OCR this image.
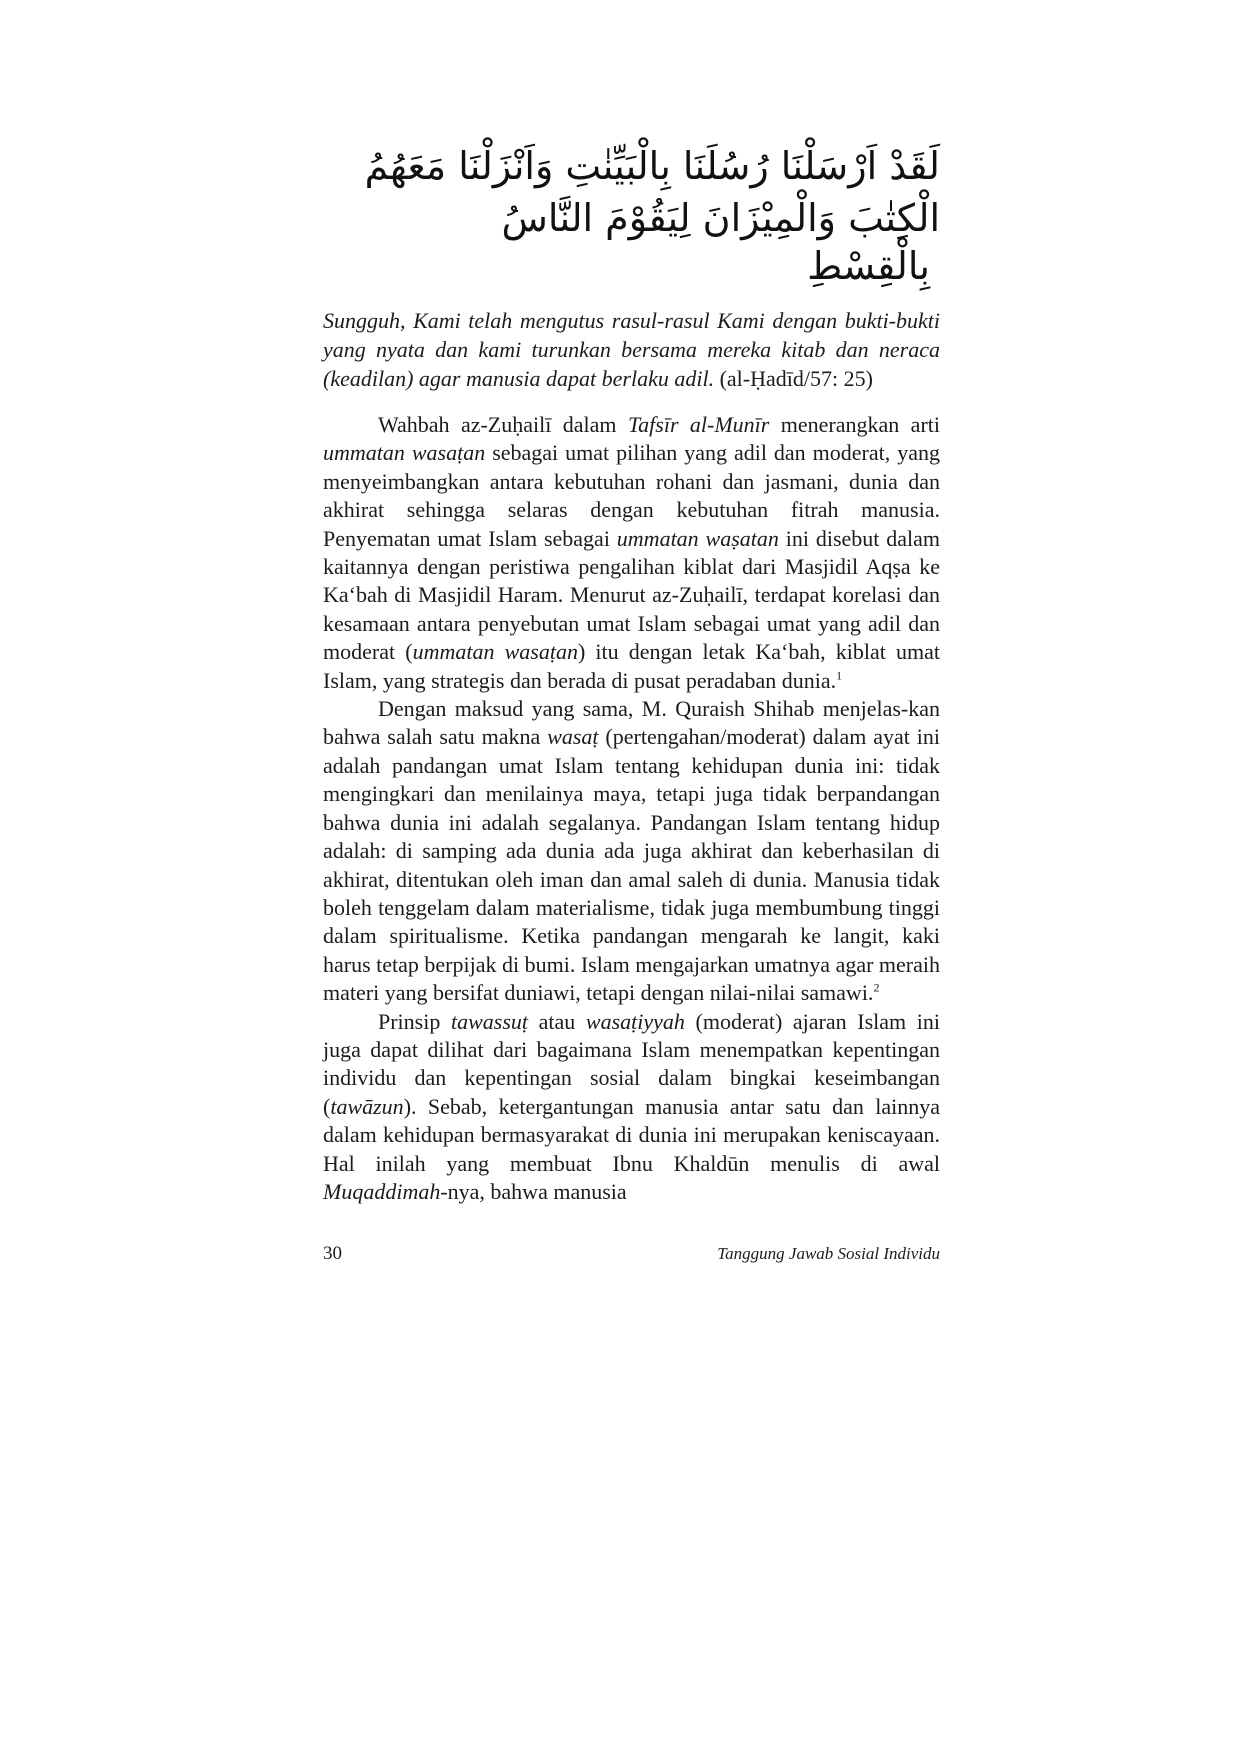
لَقَدْ اَرْسَلْنَا رُسُلَنَا بِالْبَيِّنٰتِ وَاَنْزَلْنَا مَعَهُمُ الْكِتٰبَ وَالْمِيْزَانَ لِيَقُوْمَ النَّاسُ

بِالْقِسْطِ

Sungguh, Kami telah mengutus rasul-rasul Kami dengan bukti-bukti yang nyata dan kami turunkan bersama mereka kitab dan neraca (keadilan) agar manusia dapat berlaku adil. (al-Ḥadīd/57: 25)

Wahbah az-Zuḥailī dalam Tafsīr al-Munīr menerangkan arti ummatan wasaṭan sebagai umat pilihan yang adil dan moderat, yang menyeimbangkan antara kebutuhan rohani dan jasmani, dunia dan akhirat sehingga selaras dengan kebutuhan fitrah manusia. Penyematan umat Islam sebagai ummatan waṣatan ini disebut dalam kaitannya dengan peristiwa pengalihan kiblat dari Masjidil Aqṣa ke Ka‘bah di Masjidil Haram. Menurut az-Zuḥailī, terdapat korelasi dan kesamaan antara penyebutan umat Islam sebagai umat yang adil dan moderat (ummatan wasaṭan) itu dengan letak Ka‘bah, kiblat umat Islam, yang strategis dan berada di pusat peradaban dunia.$^1$

Dengan maksud yang sama, M. Quraish Shihab menjelas-kan bahwa salah satu makna wasaṭ (pertengahan/moderat) dalam ayat ini adalah pandangan umat Islam tentang kehidupan dunia ini: tidak mengingkari dan menilainya maya, tetapi juga tidak berpandangan bahwa dunia ini adalah segalanya. Pandangan Islam tentang hidup adalah: di samping ada dunia ada juga akhirat dan keberhasilan di akhirat, ditentukan oleh iman dan amal saleh di dunia. Manusia tidak boleh tenggelam dalam materialisme, tidak juga membumbung tinggi dalam spiritualisme. Ketika pandangan mengarah ke langit, kaki harus tetap berpijak di bumi. Islam mengajarkan umatnya agar meraih materi yang bersifat duniawi, tetapi dengan nilai-nilai samawi.$^2$

Prinsip tawassuṭ atau wasaṭiyyah (moderat) ajaran Islam ini juga dapat dilihat dari bagaimana Islam menempatkan kepentingan individu dan kepentingan sosial dalam bingkai keseimbangan (tawāzun). Sebab, ketergantungan manusia antar satu dan lainnya dalam kehidupan bermasyarakat di dunia ini merupakan keniscayaan. Hal inilah yang membuat Ibnu Khaldūn menulis di awal Muqaddimah-nya, bahwa manusia

30	Tanggung Jawab Sosial Individu
